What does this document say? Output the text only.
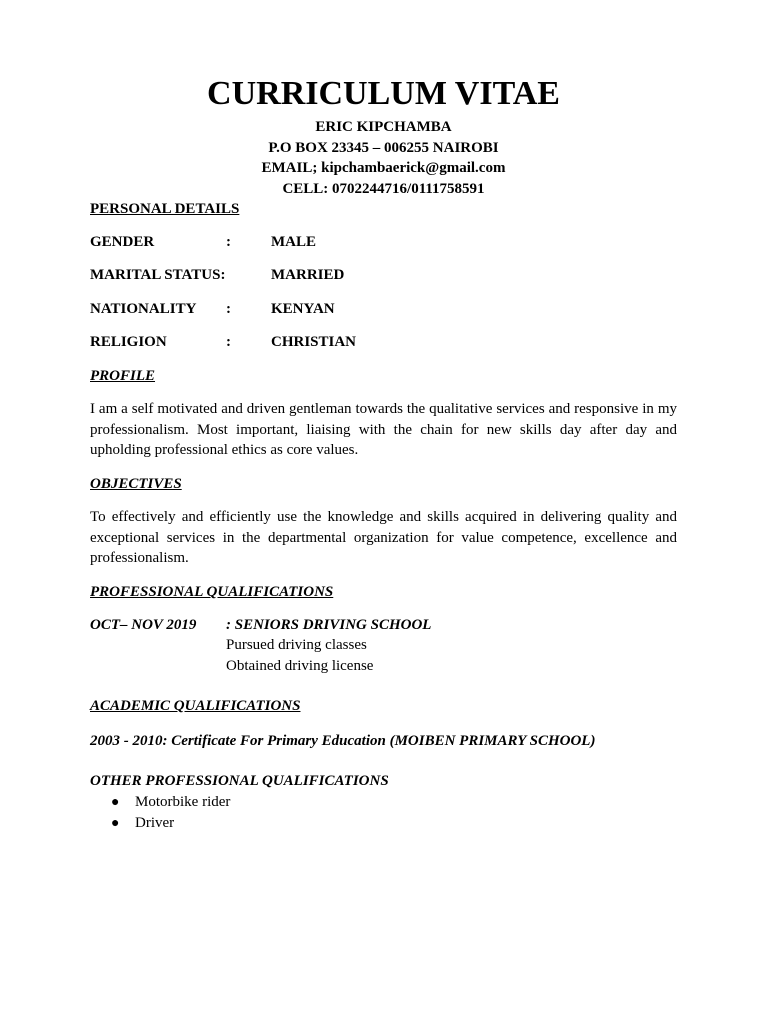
CURRICULUM VITAE
ERIC KIPCHAMBA
P.O BOX 23345 – 006255 NAIROBI
EMAIL; kipchambaerick@gmail.com
CELL: 0702244716/0111758591
PERSONAL DETAILS
GENDER	:	MALE
MARITAL STATUS:	MARRIED
NATIONALITY :	KENYAN
RELIGION	:	CHRISTIAN
PROFILE

I am a self motivated and driven gentleman towards the qualitative services and responsive in my professionalism. Most important, liaising with the chain for new skills day after day and upholding professional ethics as core values.

OBJECTIVES

To effectively and efficiently use the knowledge and skills acquired in delivering quality and exceptional services in the departmental organization for value competence, excellence and professionalism.

PROFESSIONAL QUALIFICATIONS
OCT– NOV 2019 : SENIORS DRIVING SCHOOL
Pursued driving classes
Obtained driving license
ACADEMIC QUALIFICATIONS
2003 - 2010: Certificate For Primary Education (MOIBEN PRIMARY SCHOOL)
OTHER PROFESSIONAL QUALIFICATIONS
● Motorbike rider
● Driver
